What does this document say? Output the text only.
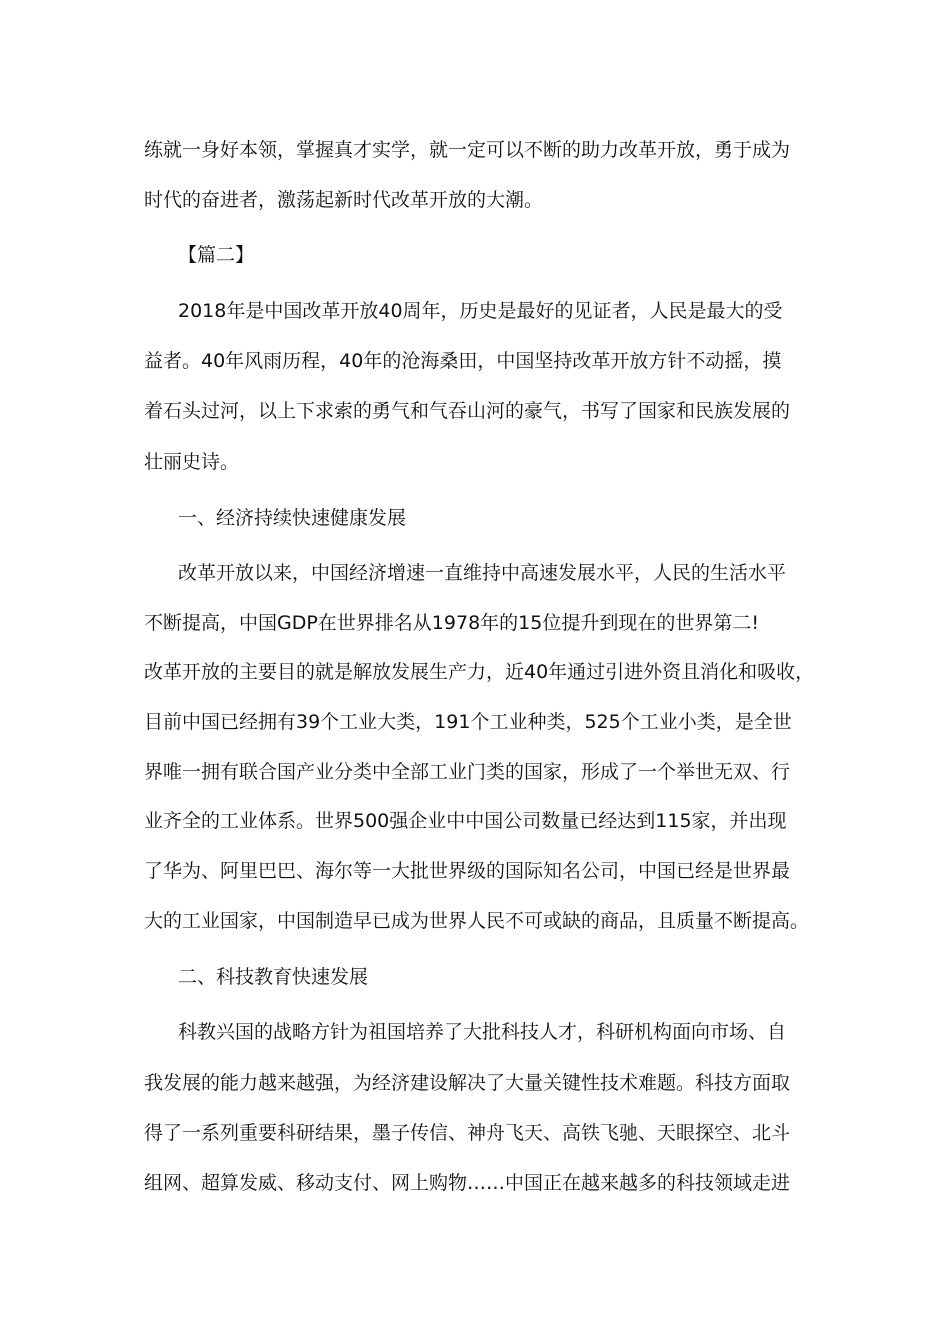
练就一身好本领，掌握真才实学，就一定可以不断的助力改革开放，勇于成为
时代的奋进者，激荡起新时代改革开放的大潮。
【篇二】
2018年是中国改革开放40周年，历史是最好的见证者，人民是最大的受
益者。40年风雨历程，40年的沧海桑田，中国坚持改革开放方针不动摇，摸
着石头过河，以上下求索的勇气和气吞山河的豪气，书写了国家和民族发展的
壮丽史诗。
一、经济持续快速健康发展
改革开放以来，中国经济增速一直维持中高速发展水平，人民的生活水平
不断提高，中国GDP在世界排名从1978年的15位提升到现在的世界第二!
改革开放的主要目的就是解放发展生产力，近40年通过引进外资且消化和吸收，
目前中国已经拥有39个工业大类，191个工业种类，525个工业小类，是全世
界唯一拥有联合国产业分类中全部工业门类的国家，形成了一个举世无双、行
业齐全的工业体系。世界500强企业中中国公司数量已经达到115家，并出现
了华为、阿里巴巴、海尔等一大批世界级的国际知名公司，中国已经是世界最
大的工业国家，中国制造早已成为世界人民不可或缺的商品，且质量不断提高。
二、科技教育快速发展
科教兴国的战略方针为祖国培养了大批科技人才，科研机构面向市场、自
我发展的能力越来越强，为经济建设解决了大量关键性技术难题。科技方面取
得了一系列重要科研结果，墨子传信、神舟飞天、高铁飞驰、天眼探空、北斗
组网、超算发威、移动支付、网上购物……中国正在越来越多的科技领域走进
